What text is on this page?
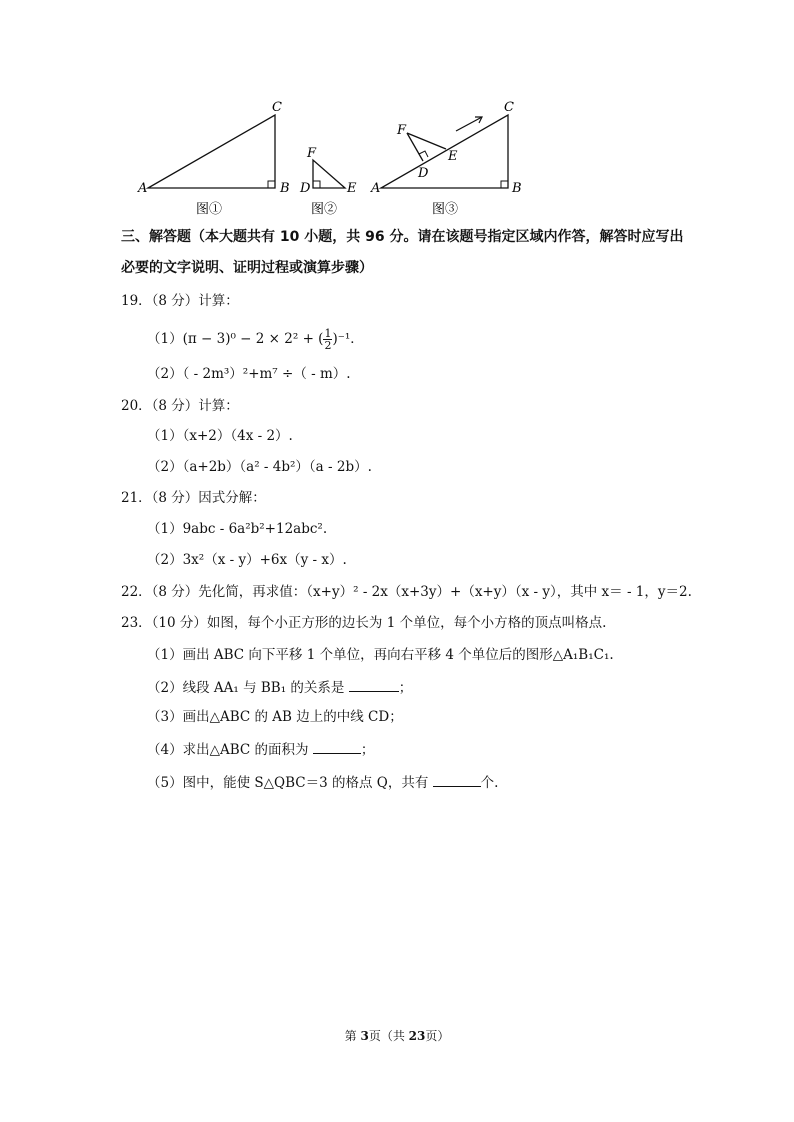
A	B
C
图①
D	E
F
图②
A	B
C
D
E
F
图③
三、解答题（本大题共有 10 小题，共 96 分。请在该题号指定区域内作答，解答时应写出
必要的文字说明、证明过程或演算步骤）
19．（8 分）计算：
（1）(π − 3)⁰ − 2 × 2² + ( $\frac{1}{2} )^{-1}$．
（2）（ - 2m³）²+m⁷ ÷（ - m）.
20．（8 分）计算：
（1）（x+2）（4x - 2）.
（2）（a+2b）（a² - 4b²）（a - 2b）.
21．（8 分）因式分解：
（1）9abc - 6a²b²+12abc².
（2）3x²（x - y）+6x（y - x）.
22．（8 分）先化简，再求值：（x+y）² - 2x（x+3y）+（x+y）（x - y），其中 x＝ - 1，y＝2.
23．（10 分）如图，每个小正方形的边长为 1 个单位，每个小方格的顶点叫格点.
（1）画出 ABC 向下平移 1 个单位，再向右平移 4 个单位后的图形△A₁B₁C₁.
（2）线段 AA₁ 与 BB₁ 的关系是	；
（3）画出△ABC 的 AB 边上的中线 CD；
（4）求出△ABC 的面积为	；
（5）图中，能使 S△QBC＝3 的格点 Q，共有	个.
第 3页（共 23页）
